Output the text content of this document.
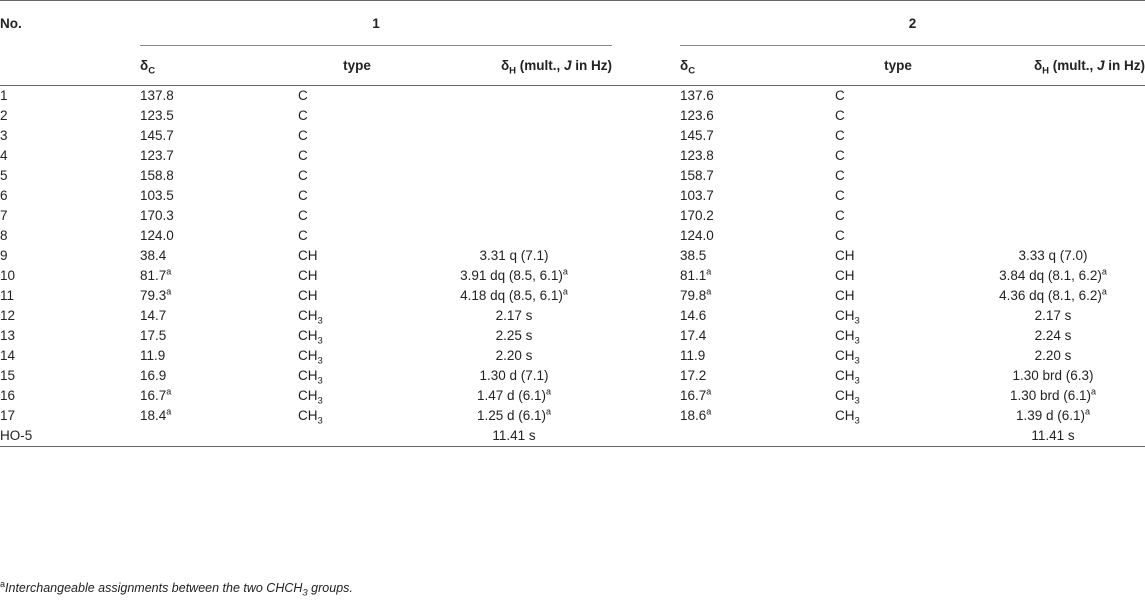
No.	1				2		
	$\delta_C$	type	$\delta_H$ (mult., J in Hz)		$\delta_C$	type	$\delta_H$ (mult., J in Hz)
1	137.8	C			137.6	C	
2	123.5	C			123.6	C	
3	145.7	C			145.7	C	
4	123.7	C			123.8	C	
5	158.8	C			158.7	C	
6	103.5	C			103.7	C	
7	170.3	C			170.2	C	
8	124.0	C			124.0	C	
9	38.4	CH	3.31 q (7.1)		38.5	CH	3.33 q (7.0)
10	81.7$^a$	CH	3.91 dq (8.5, 6.1)$^a$		81.1$^a$	CH	3.84 dq (8.1, 6.2)$^a$
11	79.3$^a$	CH	4.18 dq (8.5, 6.1)$^a$		79.8$^a$	CH	4.36 dq (8.1, 6.2)$^a$
12	14.7	$CH_3$	2.17 s		14.6	$CH_3$	2.17 s
13	17.5	$CH_3$	2.25 s		17.4	$CH_3$	2.24 s
14	11.9	$CH_3$	2.20 s		11.9	$CH_3$	2.20 s
15	16.9	$CH_3$	1.30 d (7.1)		17.2	$CH_3$	1.30 brd (6.3)
16	16.7$^a$	$CH_3$	1.47 d $(6.1)^a$		16.7$^a$	$CH_3$	1.30 brd $(6.1)^a$
17	18.4$^a$	$CH_3$	1.25 d $(6.1)^a$		18.6$^a$	$CH_3$	1.39 d $(6.1)^a$
HO-5			11.41 s				11.41 s
$^a$Interchangeable assignments between the two $CHCH_3$ groups.
